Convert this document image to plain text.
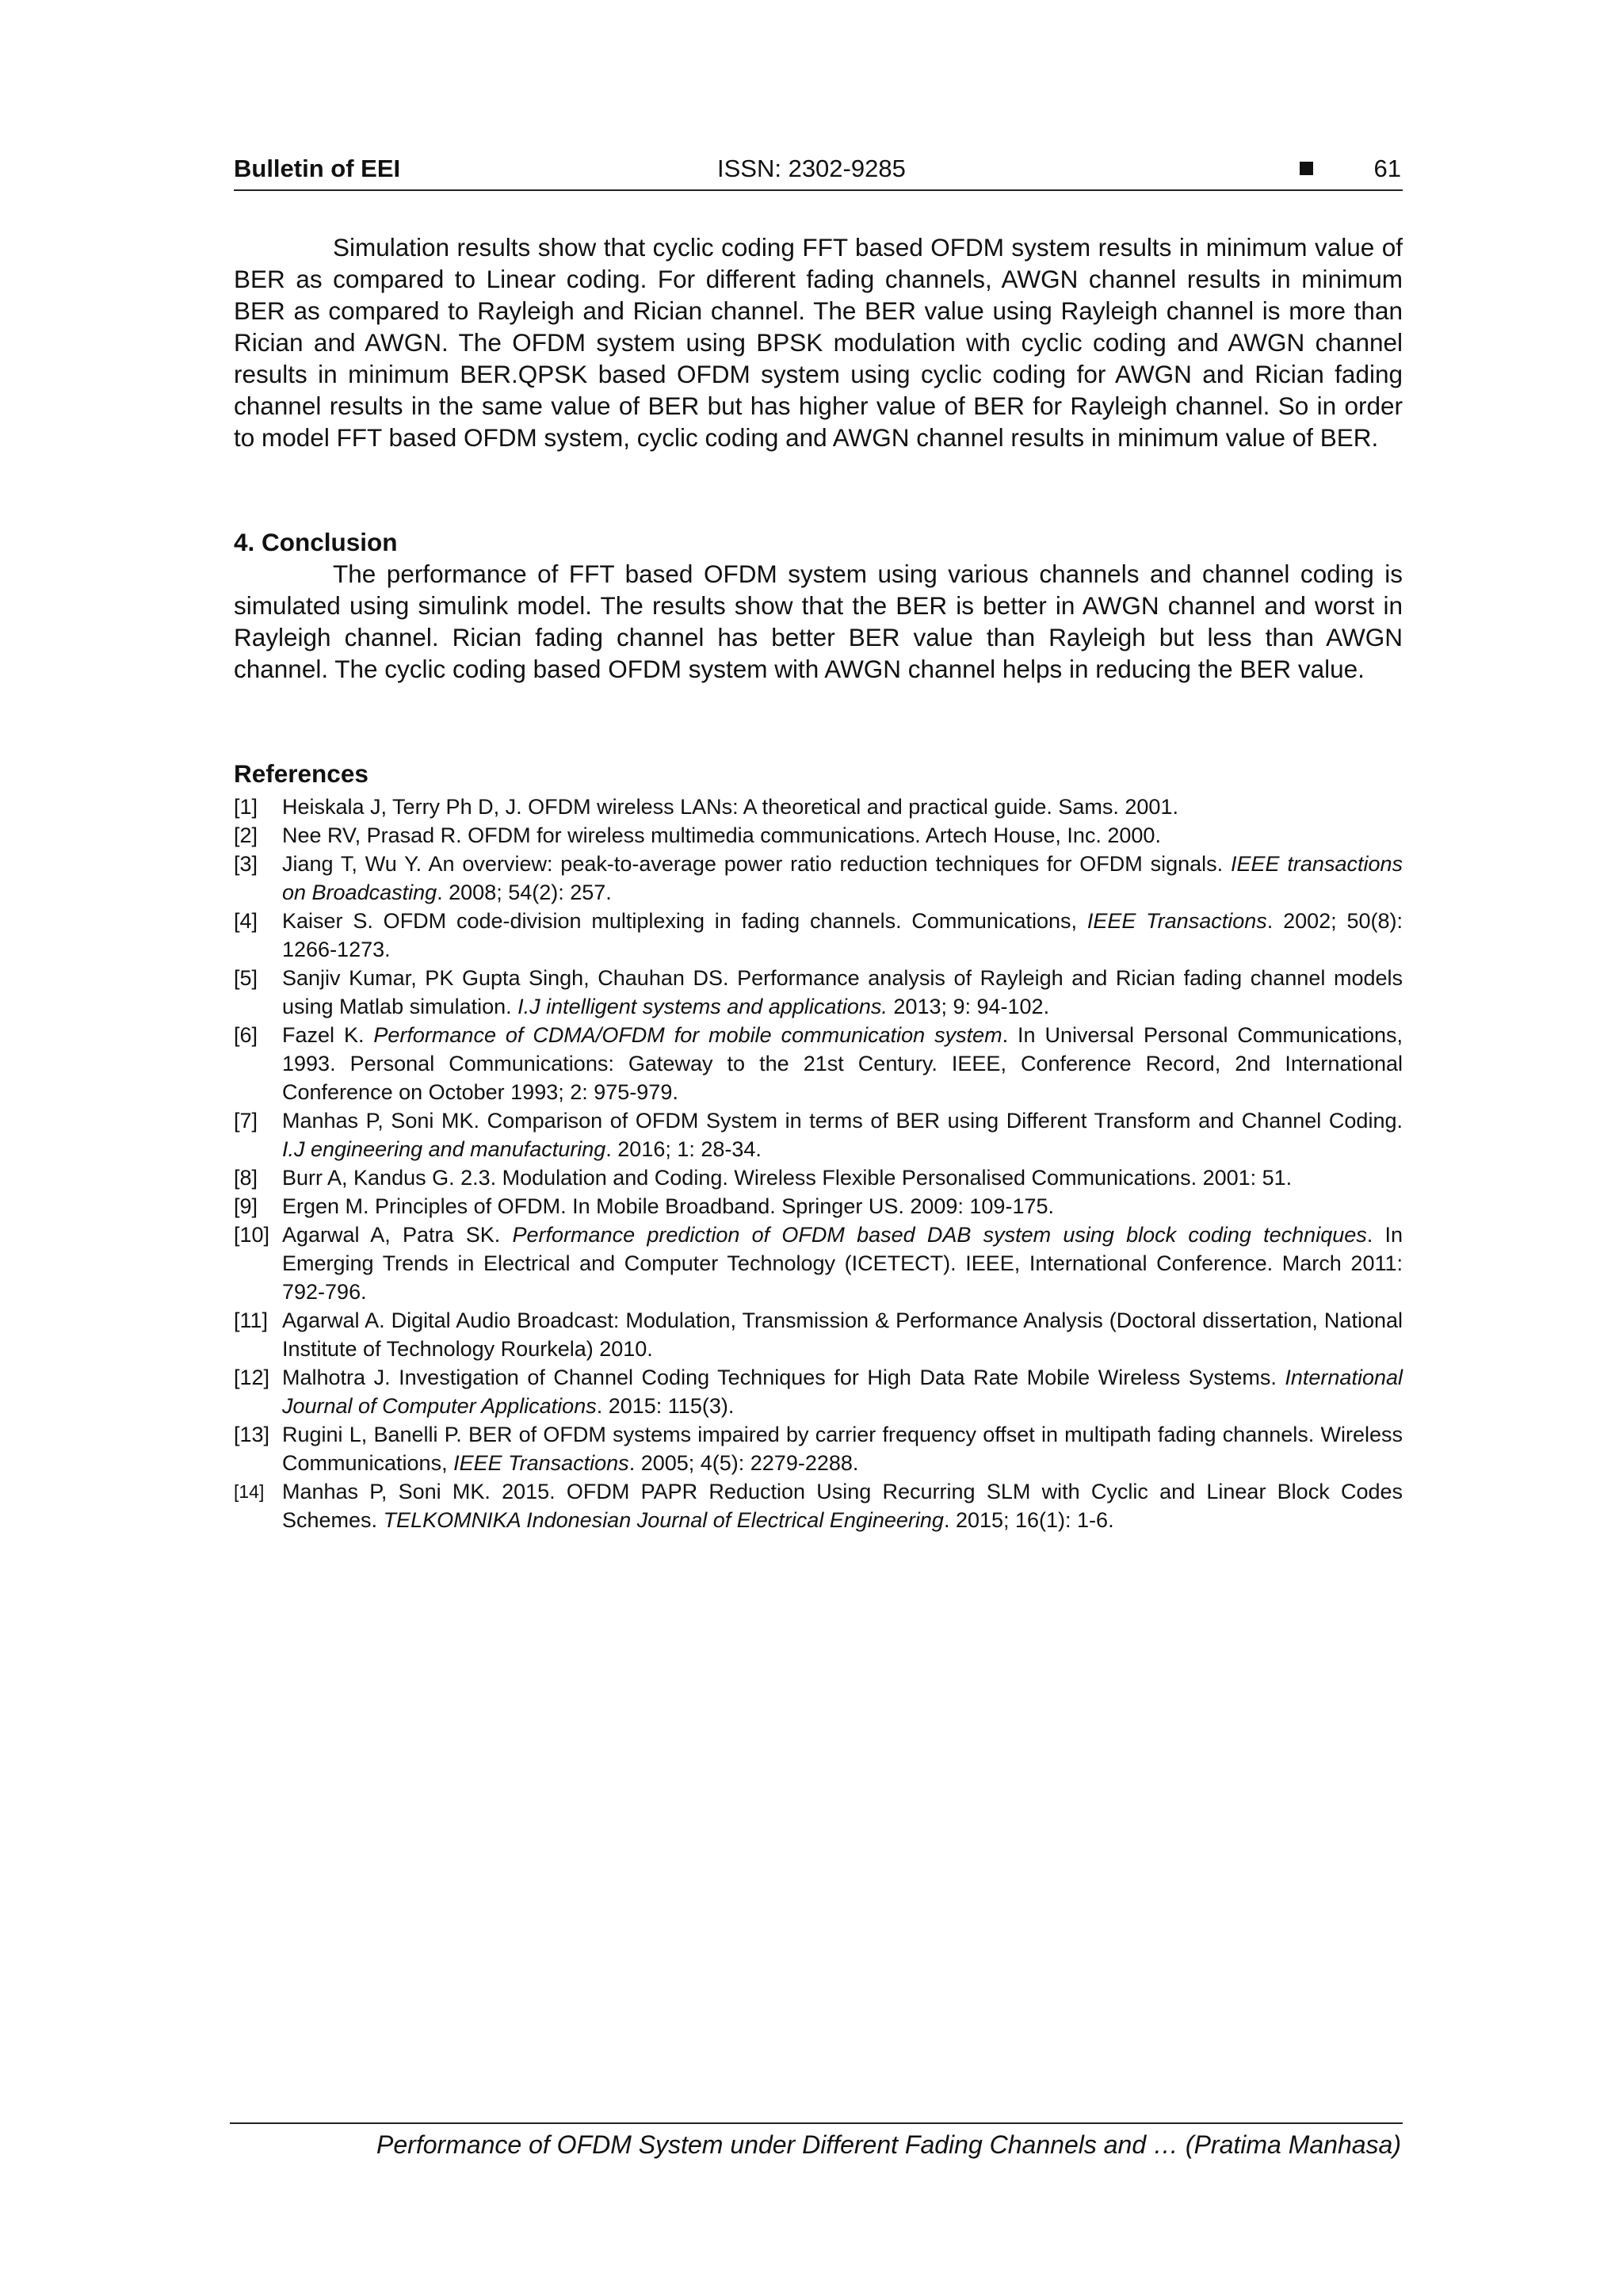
Bulletin of EEI	ISSN: 2302-9285	61

Simulation results show that cyclic coding FFT based OFDM system results in minimum value of BER as compared to Linear coding. For different fading channels, AWGN channel results in minimum BER as compared to Rayleigh and Rician channel. The BER value using Rayleigh channel is more than Rician and AWGN. The OFDM system using BPSK modulation with cyclic coding and AWGN channel results in minimum BER.QPSK based OFDM system using cyclic coding for AWGN and Rician fading channel results in the same value of BER but has higher value of BER for Rayleigh channel. So in order to model FFT based OFDM system, cyclic coding and AWGN channel results in minimum value of BER.

4. Conclusion

The performance of FFT based OFDM system using various channels and channel coding is simulated using simulink model. The results show that the BER is better in AWGN channel and worst in Rayleigh channel. Rician fading channel has better BER value than Rayleigh but less than AWGN channel. The cyclic coding based OFDM system with AWGN channel helps in reducing the BER value.

References

[1]	Heiskala J, Terry Ph D, J. OFDM wireless LANs: A theoretical and practical guide. Sams. 2001.
[2]	Nee RV, Prasad R. OFDM for wireless multimedia communications. Artech House, Inc. 2000.
[3]	Jiang T, Wu Y. An overview: peak-to-average power ratio reduction techniques for OFDM signals. IEEE transactions on Broadcasting. 2008; 54(2): 257.
[4]	Kaiser S. OFDM code-division multiplexing in fading channels. Communications, IEEE Transactions. 2002; 50(8): 1266-1273.
[5]	Sanjiv Kumar, PK Gupta Singh, Chauhan DS. Performance analysis of Rayleigh and Rician fading channel models using Matlab simulation. I.J intelligent systems and applications. 2013; 9: 94-102.
[6]	Fazel K. Performance of CDMA/OFDM for mobile communication system. In Universal Personal Communications, 1993. Personal Communications: Gateway to the 21st Century. IEEE, Conference Record, 2nd International Conference on October 1993; 2: 975-979.
[7]	Manhas P, Soni MK. Comparison of OFDM System in terms of BER using Different Transform and Channel Coding. I.J engineering and manufacturing. 2016; 1: 28-34.
[8]	Burr A, Kandus G. 2.3. Modulation and Coding. Wireless Flexible Personalised Communications. 2001: 51.
[9]	Ergen M. Principles of OFDM. In Mobile Broadband. Springer US. 2009: 109-175.
[10] Agarwal A, Patra SK. Performance prediction of OFDM based DAB system using block coding techniques. In Emerging Trends in Electrical and Computer Technology (ICETECT). IEEE, International Conference. March 2011: 792-796.
[11] Agarwal A. Digital Audio Broadcast: Modulation, Transmission & Performance Analysis (Doctoral dissertation, National Institute of Technology Rourkela) 2010.
[12] Malhotra J. Investigation of Channel Coding Techniques for High Data Rate Mobile Wireless Systems. International Journal of Computer Applications. 2015: 115(3).
[13] Rugini L, Banelli P. BER of OFDM systems impaired by carrier frequency offset in multipath fading channels. Wireless Communications, IEEE Transactions. 2005; 4(5): 2279-2288.
[14] Manhas P, Soni MK. 2015. OFDM PAPR Reduction Using Recurring SLM with Cyclic and Linear Block Codes Schemes. TELKOMNIKA Indonesian Journal of Electrical Engineering. 2015; 16(1): 1-6.
Performance of OFDM System under Different Fading Channels and … (Pratima Manhasa)
